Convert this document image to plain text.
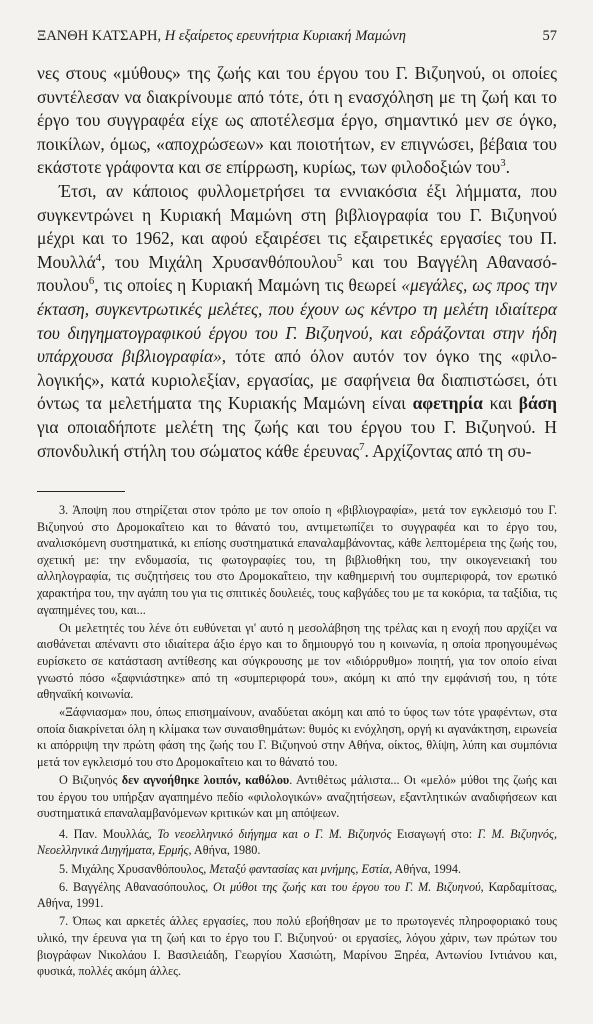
ΞΑΝΘΗ ΚΑΤΣΑΡΗ, Η εξαίρετος ερευνήτρια Κυριακή Μαμώνη	57

νες στους «μύθους» της ζωής και του έργου του Γ. Βιζυηνού, οι οποίες συντέλεσαν να διακρίνουμε από τότε, ότι η ενασχόληση με τη ζωή και το έργο του συγγραφέα είχε ως αποτέλεσμα έργο, σημαντικό μεν σε όγκο, ποικίλων, όμως, «αποχρώσεων» και ποιοτήτων, εν επιγνώσει, βέβαια του εκάστοτε γράφοντα και σε επίρρωση, κυρίως, των φιλοδοξιών του$^3$.

Έτσι, αν κάποιος φυλλομετρήσει τα εννιακόσια έξι λήμματα, που συγκεντρώνει η Κυριακή Μαμώνη στη βιβλιογραφία του Γ. Βιζυηνού μέχρι και το 1962, και αφού εξαιρέσει τις εξαιρετικές εργασίες του Π. Μουλλά$^4$, του Μιχάλη Χρυσανθόπουλου$^5$ και του Βαγγέλη Αθανασόπουλου$^6$, τις οποίες η Κυριακή Μαμώνη τις θεωρεί «μεγάλες, ως προς την έκταση, συγκεντρωτικές μελέτες, που έχουν ως κέντρο τη μελέτη ιδιαίτερα του διηγηματογραφικού έργου του Γ. Βιζυηνού, και εδράζονται στην ήδη υπάρχουσα βιβλιογραφία», τότε από όλον αυτόν τον όγκο της «φιλολογικής», κατά κυριολεξίαν, εργασίας, με σαφήνεια θα διαπιστώσει, ότι όντως τα μελετήματα της Κυριακής Μαμώνη είναι αφετηρία και βάση για οποιαδήποτε μελέτη της ζωής και του έργου του Γ. Βιζυηνού. Η σπονδυλική στήλη του σώματος κάθε έρευνας$^7$. Αρχίζοντας από τη συ-

3. Άποψη που στηρίζεται στον τρόπο με τον οποίο η «βιβλιογραφία», μετά τον εγκλεισμό του Γ. Βιζυηνού στο Δρομοκαΐτειο και το θάνατό του, αντιμετωπίζει το συγγραφέα και το έργο του, αναλισκόμενη συστηματικά, κι επίσης συστηματικά επαναλαμβάνοντας, κάθε λεπτομέρεια της ζωής του, σχετική με: την ενδυμασία, τις φωτογραφίες του, τη βιβλιοθήκη του, την οικογενειακή του αλληλογραφία, τις συζητήσεις του στο Δρομοκαΐτειο, την καθημερινή του συμπεριφορά, τον ερωτικό χαρακτήρα του, την αγάπη του για τις σπιτικές δουλειές, τους καβγάδες του με τα κοκόρια, τα ταξίδια, τις αγαπημένες του, και...

Οι μελετητές του λένε ότι ευθύνεται γι' αυτό η μεσολάβηση της τρέλας και η ενοχή που αρχίζει να αισθάνεται απέναντι στο ιδιαίτερα άξιο έργο και το δημιουργό του η κοινωνία, η οποία προηγουμένως ευρίσκετο σε κατάσταση αντίθεσης και σύγκρουσης με τον «ιδιόρρυθμο» ποιητή, για τον οποίο είναι γνωστό πόσο «ξαφνιάστηκε» από τη «συμπεριφορά του», ακόμη κι από την εμφάνισή του, η τότε αθηναϊκή κοινωνία.

«Ξάφνιασμα» που, όπως επισημαίνουν, αναδύεται ακόμη και από το ύφος των τότε γραφέντων, στα οποία διακρίνεται όλη η κλίμακα των συναισθημάτων: θυμός κι ενόχληση, οργή κι αγανάκτηση, ειρωνεία κι απόρριψη την πρώτη φάση της ζωής του Γ. Βιζυηνού στην Αθήνα, οίκτος, θλίψη, λύπη και συμπόνια μετά τον εγκλεισμό του στο Δρομοκαΐτειο και το θάνατό του.

Ο Βιζυηνός δεν αγνοήθηκε λοιπόν, καθόλου. Αντιθέτως μάλιστα... Οι «μελό» μύθοι της ζωής και του έργου του υπήρξαν αγαπημένο πεδίο «φιλολογικών» αναζητήσεων, εξαντλητικών αναδιφήσεων και συστηματικά επαναλαμβανόμενων κριτικών και μη απόψεων.

4. Παν. Μουλλάς, Το νεοελληνικό διήγημα και ο Γ. Μ. Βιζυηνός Εισαγωγή στο: Γ. Μ. Βιζυηνός, Νεοελληνικά Διηγήματα, Ερμής, Αθήνα, 1980.

5. Μιχάλης Χρυσανθόπουλος, Μεταξύ φαντασίας και μνήμης, Εστία, Αθήνα, 1994.

6. Βαγγέλης Αθανασόπουλος, Οι μύθοι της ζωής και του έργου του Γ. Μ. Βιζυηνού, Καρδαμίτσας, Αθήνα, 1991.

7. Όπως και αρκετές άλλες εργασίες, που πολύ εβοήθησαν με το πρωτογενές πληροφοριακό τους υλικό, την έρευνα για τη ζωή και το έργο του Γ. Βιζυηνού· οι εργασίες, λόγου χάριν, των πρώτων του βιογράφων Νικολάου Ι. Βασιλειάδη, Γεωργίου Χασιώτη, Μαρίνου Ξηρέα, Αντωνίου Ιντιάνου και, φυσικά, πολλές ακόμη άλλες.
